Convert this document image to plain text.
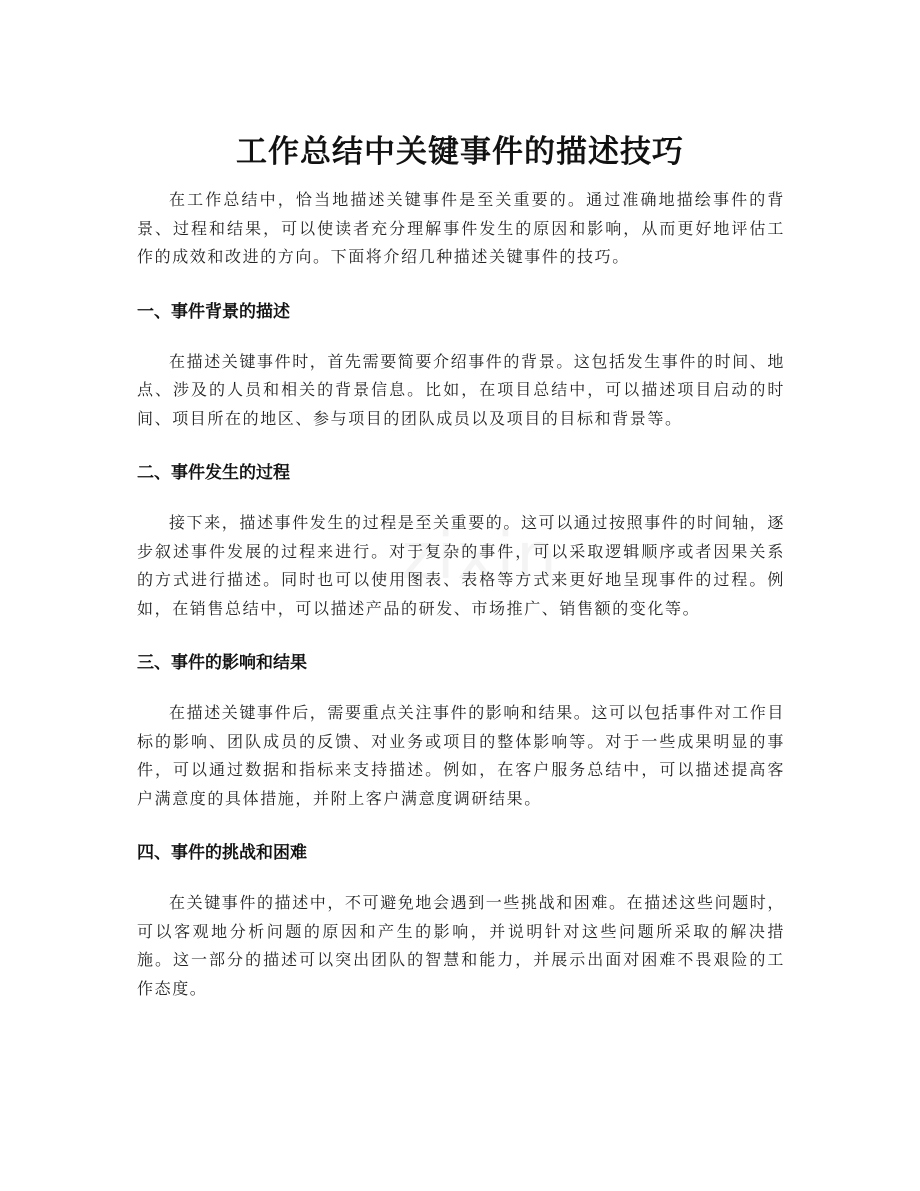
工作总结中关键事件的描述技巧

在工作总结中，恰当地描述关键事件是至关重要的。通过准确地描绘事件的背景、过程和结果，可以使读者充分理解事件发生的原因和影响，从而更好地评估工作的成效和改进的方向。下面将介绍几种描述关键事件的技巧。

一、事件背景的描述

在描述关键事件时，首先需要简要介绍事件的背景。这包括发生事件的时间、地点、涉及的人员和相关的背景信息。比如，在项目总结中，可以描述项目启动的时间、项目所在的地区、参与项目的团队成员以及项目的目标和背景等。

二、事件发生的过程

接下来，描述事件发生的过程是至关重要的。这可以通过按照事件的时间轴，逐步叙述事件发展的过程来进行。对于复杂的事件，可以采取逻辑顺序或者因果关系的方式进行描述。同时也可以使用图表、表格等方式来更好地呈现事件的过程。例如，在销售总结中，可以描述产品的研发、市场推广、销售额的变化等。

三、事件的影响和结果

在描述关键事件后，需要重点关注事件的影响和结果。这可以包括事件对工作目标的影响、团队成员的反馈、对业务或项目的整体影响等。对于一些成果明显的事件，可以通过数据和指标来支持描述。例如，在客户服务总结中，可以描述提高客户满意度的具体措施，并附上客户满意度调研结果。

四、事件的挑战和困难

在关键事件的描述中，不可避免地会遇到一些挑战和困难。在描述这些问题时，可以客观地分析问题的原因和产生的影响，并说明针对这些问题所采取的解决措施。这一部分的描述可以突出团队的智慧和能力，并展示出面对困难不畏艰险的工作态度。
